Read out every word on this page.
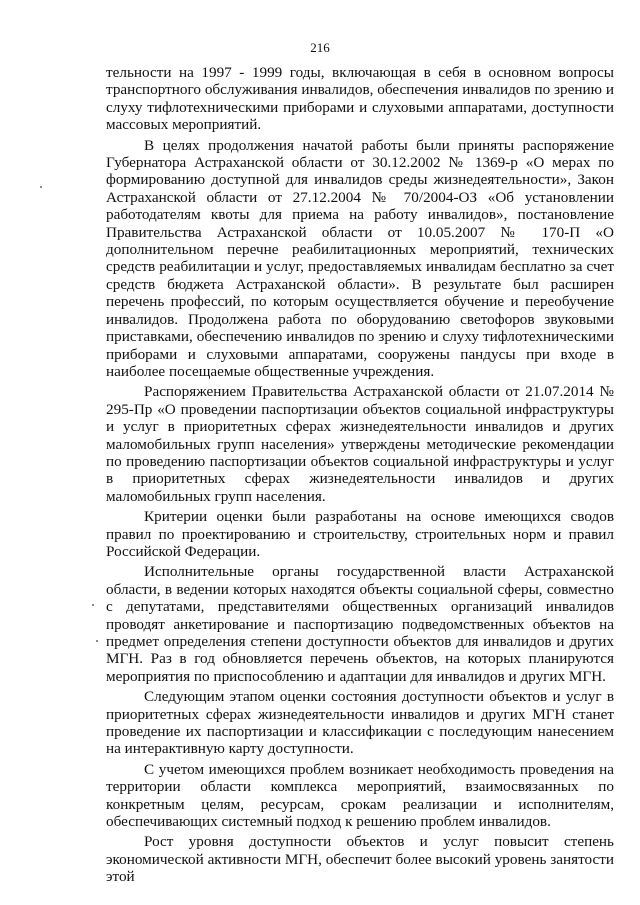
216

тельности на 1997 - 1999 годы, включающая в себя в основном вопросы транспортного обслуживания инвалидов, обеспечения инвалидов по зрению и слуху тифлотехническими приборами и слуховыми аппаратами, доступности массовых мероприятий.

В целях продолжения начатой работы были приняты распоряжение Губернатора Астраханской области от 30.12.2002 № 1369-р «О мерах по формированию доступной для инвалидов среды жизнедеятельности», Закон Астраханской области от 27.12.2004 № 70/2004-ОЗ «Об установлении работодателям квоты для приема на работу инвалидов», постановление Правительства Астраханской области от 10.05.2007 № 170-П «О дополнительном перечне реабилитационных мероприятий, технических средств реабилитации и услуг, предоставляемых инвалидам бесплатно за счет средств бюджета Астраханской области». В результате был расширен перечень профессий, по которым осуществляется обучение и переобучение инвалидов. Продолжена работа по оборудованию светофоров звуковыми приставками, обеспечению инвалидов по зрению и слуху тифлотехническими приборами и слуховыми аппаратами, сооружены пандусы при входе в наиболее посещаемые общественные учреждения.

Распоряжением Правительства Астраханской области от 21.07.2014 № 295-Пр «О проведении паспортизации объектов социальной инфраструктуры и услуг в приоритетных сферах жизнедеятельности инвалидов и других маломобильных групп населения» утверждены методические рекомендации по проведению паспортизации объектов социальной инфраструктуры и услуг в приоритетных сферах жизнедеятельности инвалидов и других маломобильных групп населения.

Критерии оценки были разработаны на основе имеющихся сводов правил по проектированию и строительству, строительных норм и правил Российской Федерации.

Исполнительные органы государственной власти Астраханской области, в ведении которых находятся объекты социальной сферы, совместно с депутатами, представителями общественных организаций инвалидов проводят анкетирование и паспортизацию подведомственных объектов на предмет определения степени доступности объектов для инвалидов и других МГН. Раз в год обновляется перечень объектов, на которых планируются мероприятия по приспособлению и адаптации для инвалидов и других МГН.

Следующим этапом оценки состояния доступности объектов и услуг в приоритетных сферах жизнедеятельности инвалидов и других МГН станет проведение их паспортизации и классификации с последующим нанесением на интерактивную карту доступности.

С учетом имеющихся проблем возникает необходимость проведения на территории области комплекса мероприятий, взаимосвязанных по конкретным целям, ресурсам, срокам реализации и исполнителям, обеспечивающих системный подход к решению проблем инвалидов.

Рост уровня доступности объектов и услуг повысит степень экономической активности МГН, обеспечит более высокий уровень занятости этой
